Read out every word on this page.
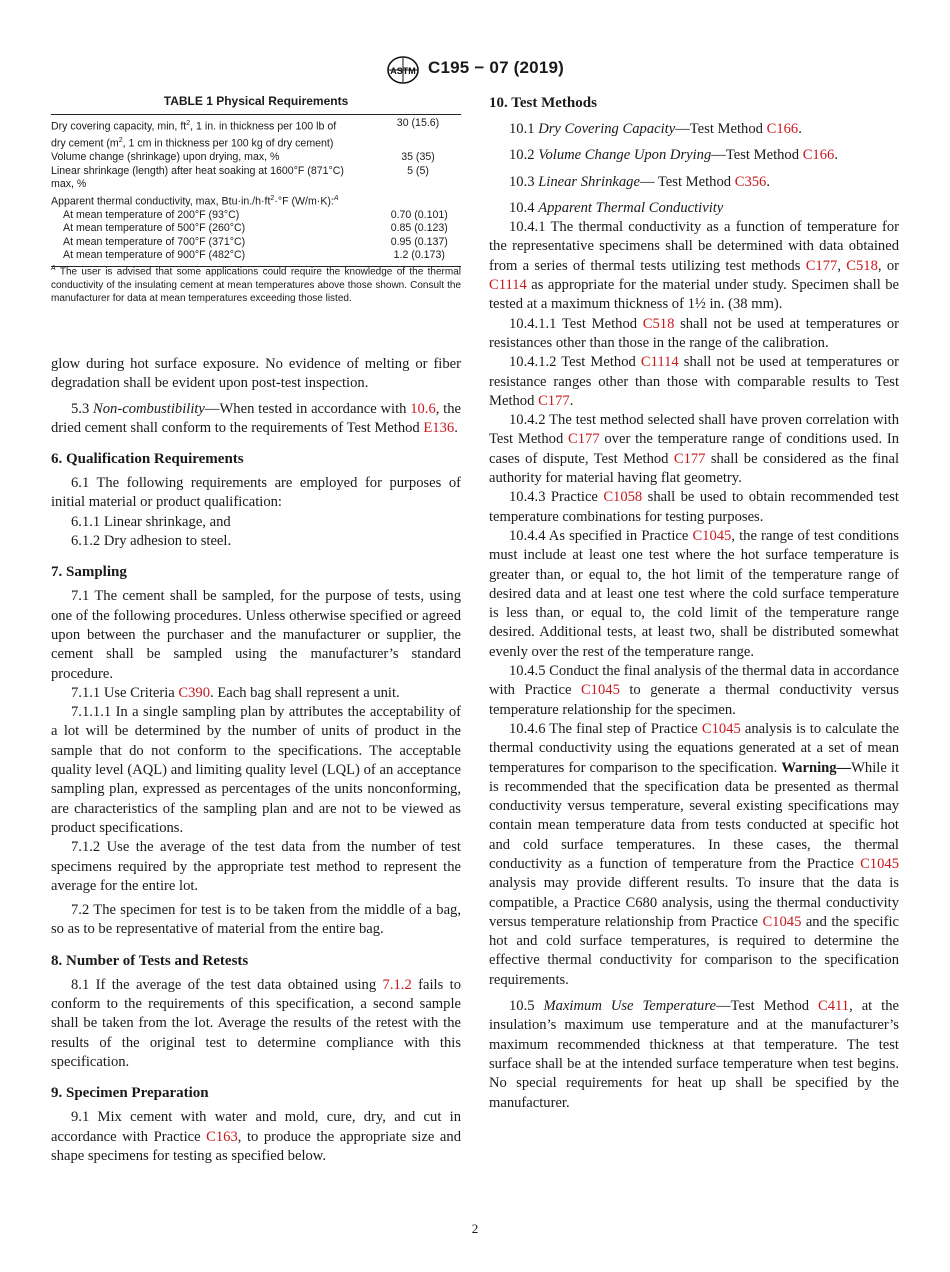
ASTM C195 − 07 (2019)
TABLE 1 Physical Requirements
Dry covering capacity, min, $ft^2$, 1 in. in thickness per 100 lb of	30 (15.6)
dry cement ($m^2$, 1 cm in thickness per 100 kg of dry cement)
Volume change (shrinkage) upon drying, max, %	35 (35)
Linear shrinkage (length) after heat soaking at 1600°F (871°C)	5 (5)
max, %
Apparent thermal conductivity, max, $Btu\cdot in./h\cdot ft^2\cdot^\circ F$ (W/m·K):$^A$
At mean temperature of 200°F (93°C)	0.70 (0.101)
At mean temperature of 500°F (260°C)	0.85 (0.123)
At mean temperature of 700°F (371°C)	0.95 (0.137)
At mean temperature of 900°F (482°C)	1.2 (0.173)
$^A$ The user is advised that some applications could require the knowledge of the thermal conductivity of the insulating cement at mean temperatures above those shown. Consult the manufacturer for data at mean temperatures exceeding those listed.

glow during hot surface exposure. No evidence of melting or fiber degradation shall be evident upon post-test inspection.

5.3 Non-combustibility—When tested in accordance with 10.6, the dried cement shall conform to the requirements of Test Method E136.

6. Qualification Requirements

6.1 The following requirements are employed for purposes of initial material or product qualification:

6.1.1 Linear shrinkage, and

6.1.2 Dry adhesion to steel.

7. Sampling

7.1 The cement shall be sampled, for the purpose of tests, using one of the following procedures. Unless otherwise specified or agreed upon between the purchaser and the manufacturer or supplier, the cement shall be sampled using the manufacturer’s standard procedure.

7.1.1 Use Criteria C390. Each bag shall represent a unit.

7.1.1.1 In a single sampling plan by attributes the acceptability of a lot will be determined by the number of units of product in the sample that do not conform to the specifications. The acceptable quality level (AQL) and limiting quality level (LQL) of an acceptance sampling plan, expressed as percentages of the units nonconforming, are characteristics of the sampling plan and are not to be viewed as product specifications.

7.1.2 Use the average of the test data from the number of test specimens required by the appropriate test method to represent the average for the entire lot.

7.2 The specimen for test is to be taken from the middle of a bag, so as to be representative of material from the entire bag.

8. Number of Tests and Retests

8.1 If the average of the test data obtained using 7.1.2 fails to conform to the requirements of this specification, a second sample shall be taken from the lot. Average the results of the retest with the results of the original test to determine compliance with this specification.

9. Specimen Preparation

9.1 Mix cement with water and mold, cure, dry, and cut in accordance with Practice C163, to produce the appropriate size and shape specimens for testing as specified below.

10. Test Methods

10.1 Dry Covering Capacity—Test Method C166.

10.2 Volume Change Upon Drying—Test Method C166.

10.3 Linear Shrinkage— Test Method C356.

10.4 Apparent Thermal Conductivity

10.4.1 The thermal conductivity as a function of temperature for the representative specimens shall be determined with data obtained from a series of thermal tests utilizing test methods C177, C518, or C1114 as appropriate for the material under study. Specimen shall be tested at a maximum thickness of 1½ in. (38 mm).

10.4.1.1 Test Method C518 shall not be used at temperatures or resistances other than those in the range of the calibration.

10.4.1.2 Test Method C1114 shall not be used at temperatures or resistance ranges other than those with comparable results to Test Method C177.

10.4.2 The test method selected shall have proven correlation with Test Method C177 over the temperature range of conditions used. In cases of dispute, Test Method C177 shall be considered as the final authority for material having flat geometry.

10.4.3 Practice C1058 shall be used to obtain recommended test temperature combinations for testing purposes.

10.4.4 As specified in Practice C1045, the range of test conditions must include at least one test where the hot surface temperature is greater than, or equal to, the hot limit of the temperature range of desired data and at least one test where the cold surface temperature is less than, or equal to, the cold limit of the temperature range desired. Additional tests, at least two, shall be distributed somewhat evenly over the rest of the temperature range.

10.4.5 Conduct the final analysis of the thermal data in accordance with Practice C1045 to generate a thermal conductivity versus temperature relationship for the specimen.

10.4.6 The final step of Practice C1045 analysis is to calculate the thermal conductivity using the equations generated at a set of mean temperatures for comparison to the specification. Warning—While it is recommended that the specification data be presented as thermal conductivity versus temperature, several existing specifications may contain mean temperature data from tests conducted at specific hot and cold surface temperatures. In these cases, the thermal conductivity as a function of temperature from the Practice C1045 analysis may provide different results. To insure that the data is compatible, a Practice C680 analysis, using the thermal conductivity versus temperature relationship from Practice C1045 and the specific hot and cold surface temperatures, is required to determine the effective thermal conductivity for comparison to the specification requirements.

10.5 Maximum Use Temperature—Test Method C411, at the insulation’s maximum use temperature and at the manufacturer’s maximum recommended thickness at that temperature. The test surface shall be at the intended surface temperature when test begins. No special requirements for heat up shall be specified by the manufacturer.

2
